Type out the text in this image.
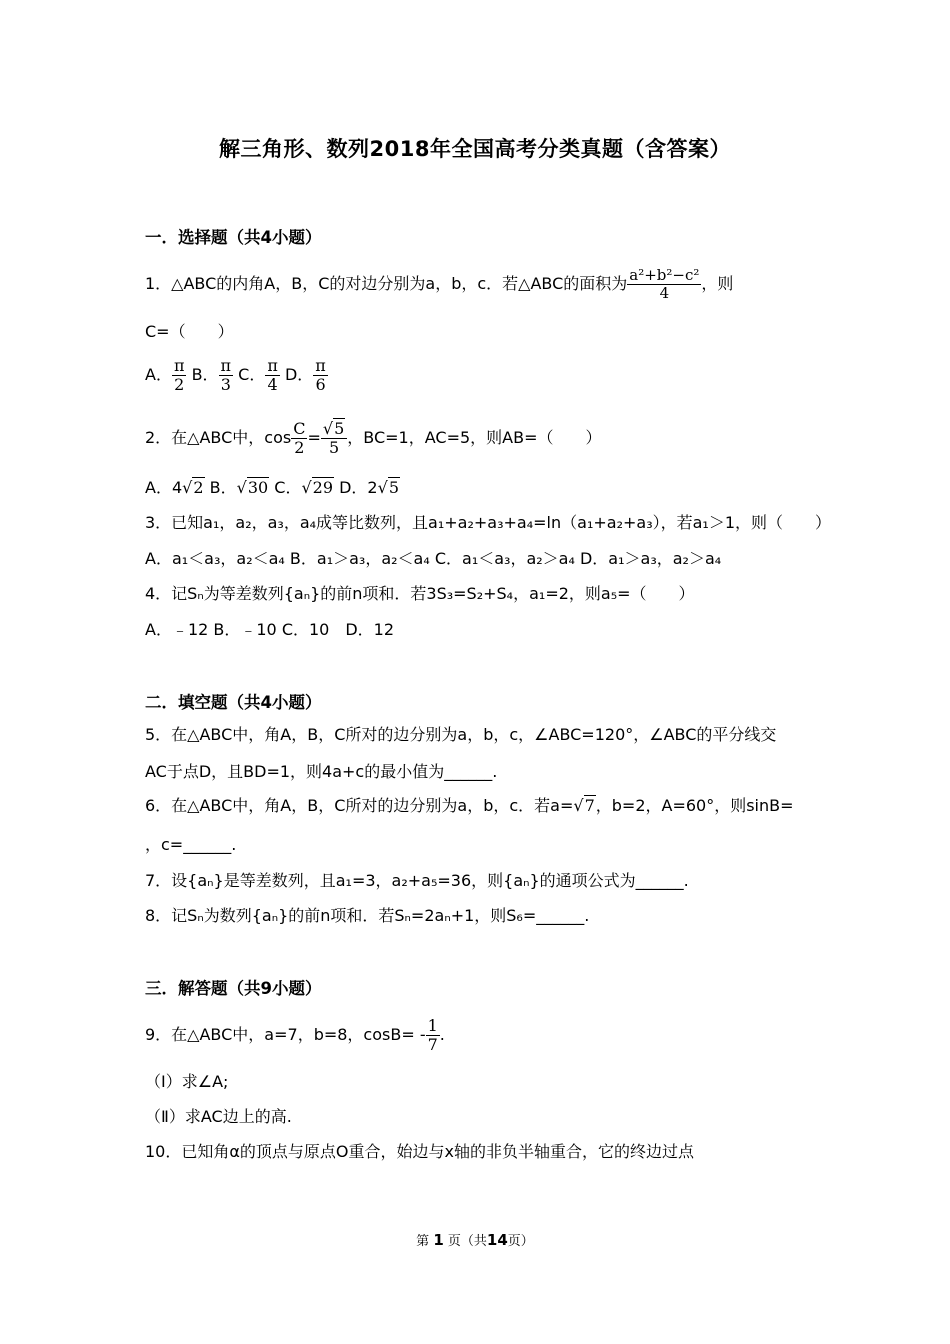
解三角形、数列2018年全国高考分类真题（含答案）
一．选择题（共4小题）
1．△ABC的内角A，B，C的对边分别为a，b，c．若△ABC的面积为 $\frac{\text{a²+b²−c²}}{4}$ ，则
C=（　　）
A． $\frac{\pi}{2}$ B． $\frac{\pi}{3}$ C． $\frac{\pi}{4}$ D． $\frac{\pi}{6}$
2．在△ABC中，$\cos \frac{C}{2} = \frac{√5}{5}$ ，BC=1，AC=5，则AB=（　　）
A．4√2 B．√30 C．√29 D．2√5
3．已知a₁，a₂，a₃，a₄成等比数列，且a₁+a₂+a₃+a₄=ln（a₁+a₂+a₃），若a₁＞1，则（　　）
A．a₁＜a₃，a₂＜a₄ B．a₁＞a₃，a₂＜a₄ C．a₁＜a₃，a₂＞a₄ D．a₁＞a₃，a₂＞a₄
4．记Sₙ为等差数列{aₙ}的前n项和．若3S₃=S₂+S₄，a₁=2，则a₅=（　　）
A．﹣12 B．﹣10 C．10　D．12
二．填空题（共4小题）
5．在△ABC中，角A，B，C所对的边分别为a，b，c，∠ABC=120°，∠ABC的平分线交
AC于点D，且BD=1，则4a+c的最小值为______.
6．在△ABC中，角A，B，C所对的边分别为a，b，c．若a=√7，b=2，A=60°，则sinB=
，c=______.
7．设{aₙ}是等差数列，且a₁=3，a₂+a₅=36，则{aₙ}的通项公式为______.
8．记Sₙ为数列{aₙ}的前n项和．若Sₙ=2aₙ+1，则S₆=______.
三．解答题（共9小题）
9．在△ABC中，a=7，b=8，$\cos B= - \frac{1}{7}$ .
（Ⅰ）求∠A;
（Ⅱ）求AC边上的高.
10．已知角α的顶点与原点O重合，始边与x轴的非负半轴重合，它的终边过点
第 1 页（共14页）
